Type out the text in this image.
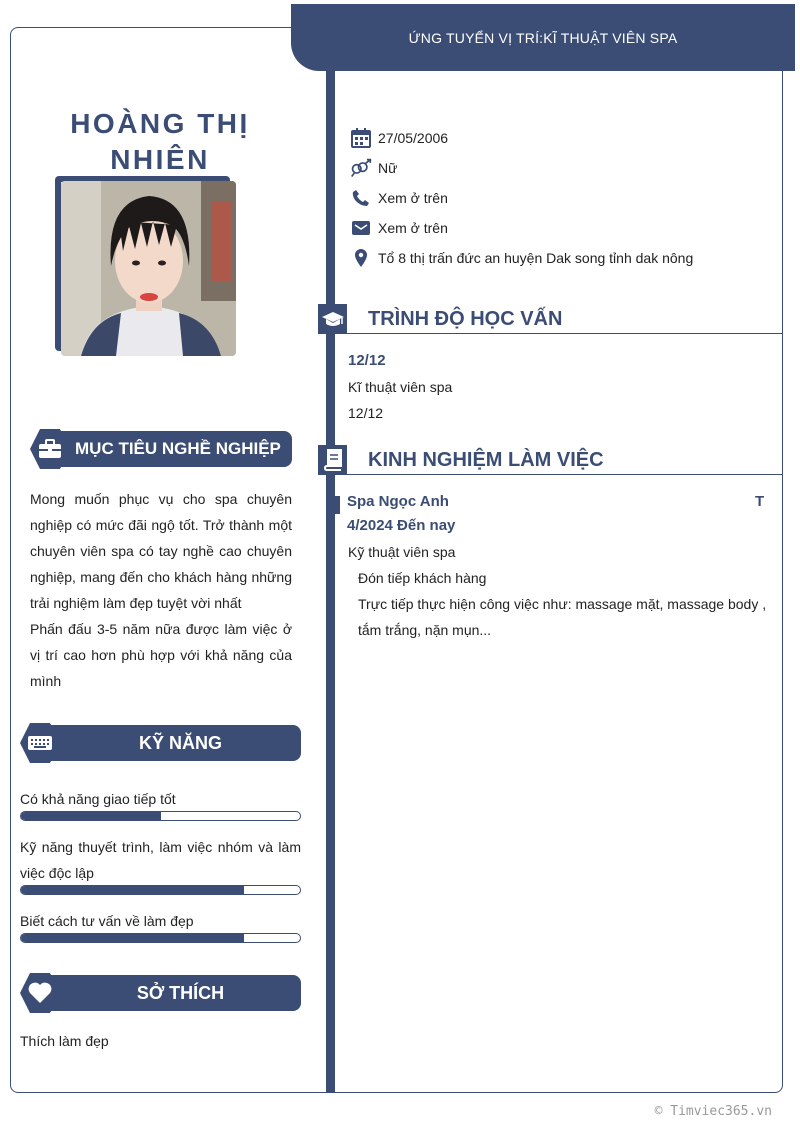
ỨNG TUYỂN VỊ TRÍ:KĨ THUẬT VIÊN SPA
HOÀNG THỊ
NHIÊN
MỤC TIÊU NGHỀ NGHIỆP
Mong muốn phục vụ cho spa chuyên nghiệp có mức đãi ngộ tốt. Trở thành một chuyên viên spa có tay nghề cao chuyên nghiệp, mang đến cho khách hàng những trải nghiệm làm đẹp tuyệt vời nhất
Phấn đấu 3-5 năm nữa được làm việc ở vị trí cao hơn phù hợp với khả năng của mình
KỸ NĂNG
Có khả năng giao tiếp tốt
Kỹ năng thuyết trình, làm việc nhóm và làm việc độc lập
Biết cách tư vấn về làm đẹp
SỞ THÍCH
Thích làm đẹp
27/05/2006
Nữ
Xem ở trên
Xem ở trên
Tổ 8 thị trấn đức an huyện Dak song tỉnh dak nông
TRÌNH ĐỘ HỌC VẤN
12/12
Kĩ thuật viên spa
12/12
KINH NGHIỆM LÀM VIỆC
Spa Ngọc Anh	T
4/2024 Đến nay
Kỹ thuật viên spa
Đón tiếp khách hàng
Trực tiếp thực hiện công việc như: massage mặt, massage body , tắm trắng, nặn mụn...
© Timviec365.vn
